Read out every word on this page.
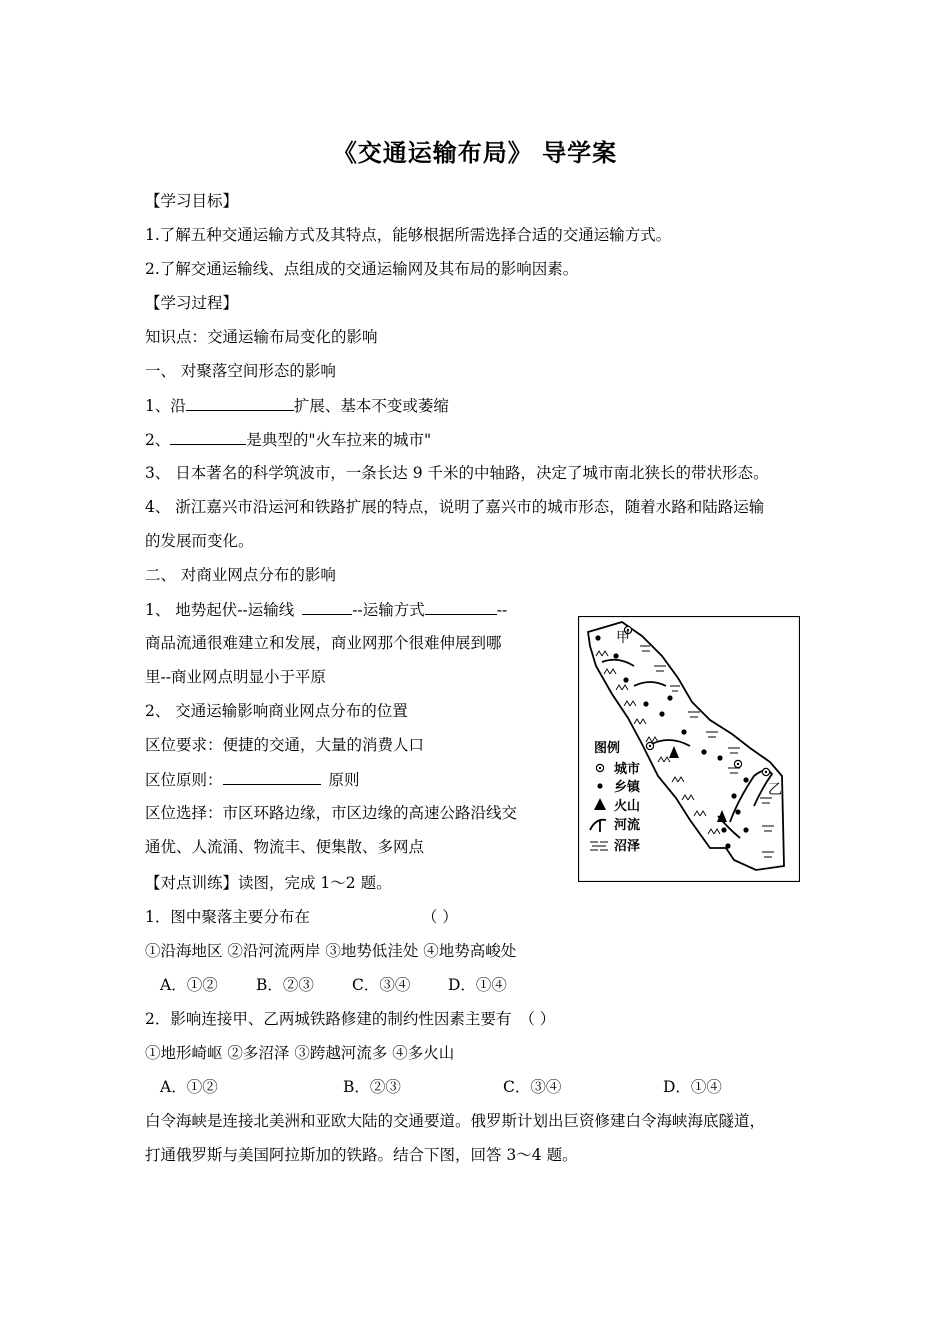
《交通运输布局》 导学案
【学习目标】
1.了解五种交通运输方式及其特点，能够根据所需选择合适的交通运输方式。
2.了解交通运输线、点组成的交通运输网及其布局的影响因素。
【学习过程】
知识点：交通运输布局变化的影响
一、 对聚落空间形态的影响
1、沿	扩展、基本不变或萎缩
2、	是典型的"火车拉来的城市"
3、 日本著名的科学筑波市，一条长达 9 千米的中轴路，决定了城市南北狭长的带状形态。
4、 浙江嘉兴市沿运河和铁路扩展的特点，说明了嘉兴市的城市形态，随着水路和陆路运输
的发展而变化。
二、 对商业网点分布的影响
1、 地势起伏--运输线	--运输方式	--
商品流通很难建立和发展，商业网那个很难伸展到哪
里--商业网点明显小于平原
2、 交通运输影响商业网点分布的位置
区位要求：便捷的交通，大量的消费人口
区位原则：	原则
区位选择：市区环路边缘，市区边缘的高速公路沿线交
通优、人流涌、物流丰、便集散、多网点
【对点训练】读图，完成 1～2 题。
1．图中聚落主要分布在	（ ）
①沿海地区 ②沿河流两岸 ③地势低洼处 ④地势高峻处
A．①② B．②③ C．③④ D．①④
2．影响连接甲、乙两城铁路修建的制约性因素主要有 （ ）
①地形崎岖 ②多沼泽 ③跨越河流多 ④多火山
A．①②	B．②③	C．③④	D．①④
白令海峡是连接北美洲和亚欧大陆的交通要道。俄罗斯计划出巨资修建白令海峡海底隧道，
打通俄罗斯与美国阿拉斯加的铁路。结合下图，回答 3～4 题。
甲
乙
图例
城市
乡镇
火山
河流
沼泽
